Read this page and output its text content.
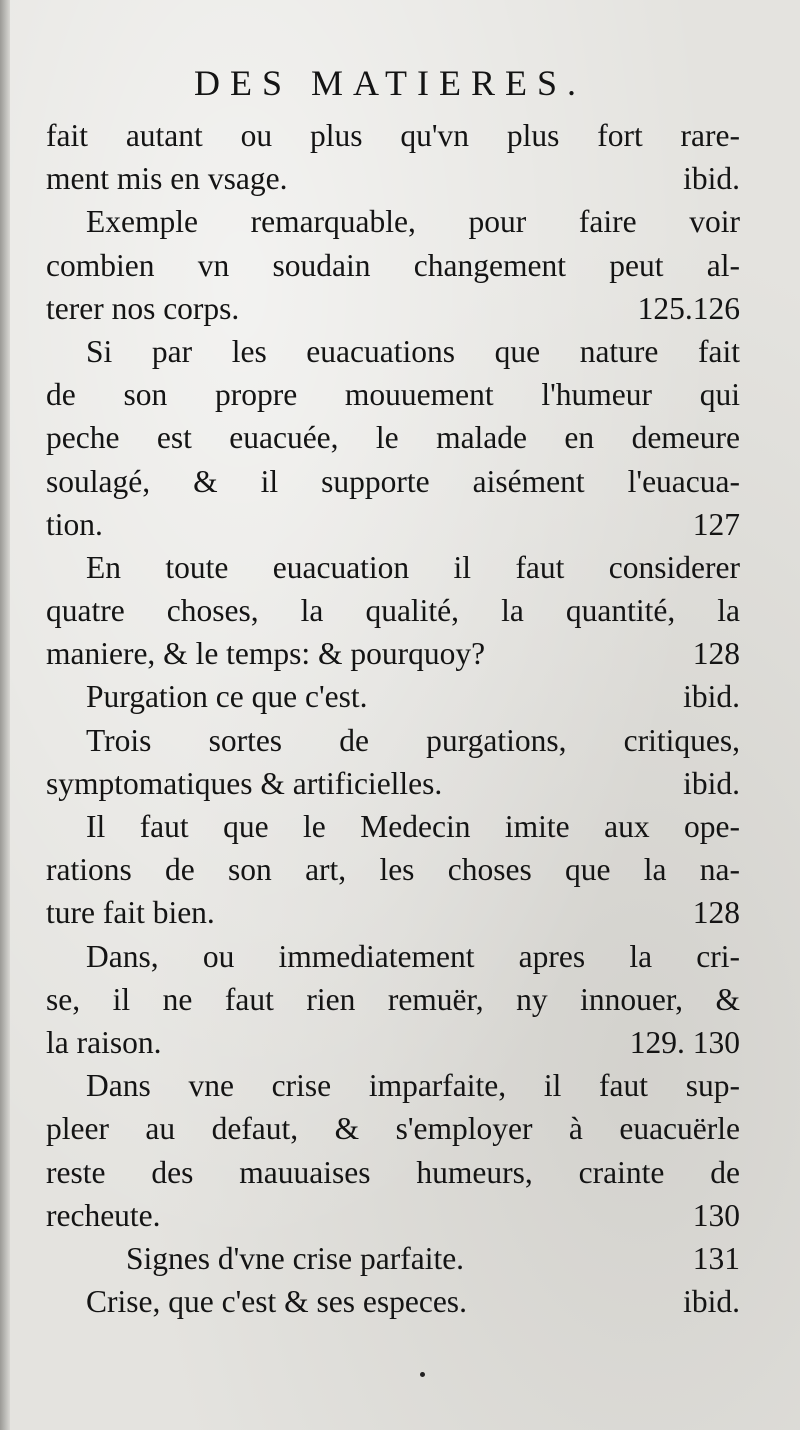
DES MATIERES.
fait autant ou plus qu'vn plus fort rare-
ment mis en vsage.	ibid.
Exemple remarquable, pour faire voir
combien vn soudain changement peut al-
terer nos corps.	125.126
Si par les euacuations que nature fait
de son propre mouuement l'humeur qui
peche est euacuée, le malade en demeure
soulagé, & il supporte aisément l'euacua-
tion.	127
En toute euacuation il faut considerer
quatre choses, la qualité, la quantité, la
maniere, & le temps: & pourquoy?	128
Purgation ce que c'est.	ibid.
Trois sortes de purgations, critiques,
symptomatiques & artificielles.	ibid.
Il faut que le Medecin imite aux ope-
rations de son art, les choses que la na-
ture fait bien.	128
Dans, ou immediatement apres la cri-
se, il ne faut rien remuër, ny innouer, &
la raison.	129. 130
Dans vne crise imparfaite, il faut sup-
pleer au defaut, & s'employer à euacuërle
reste des mauuaises humeurs, crainte de
recheute.	130
Signes d'vne crise parfaite.	131
Crise, que c'est & ses especes.	ibid.
